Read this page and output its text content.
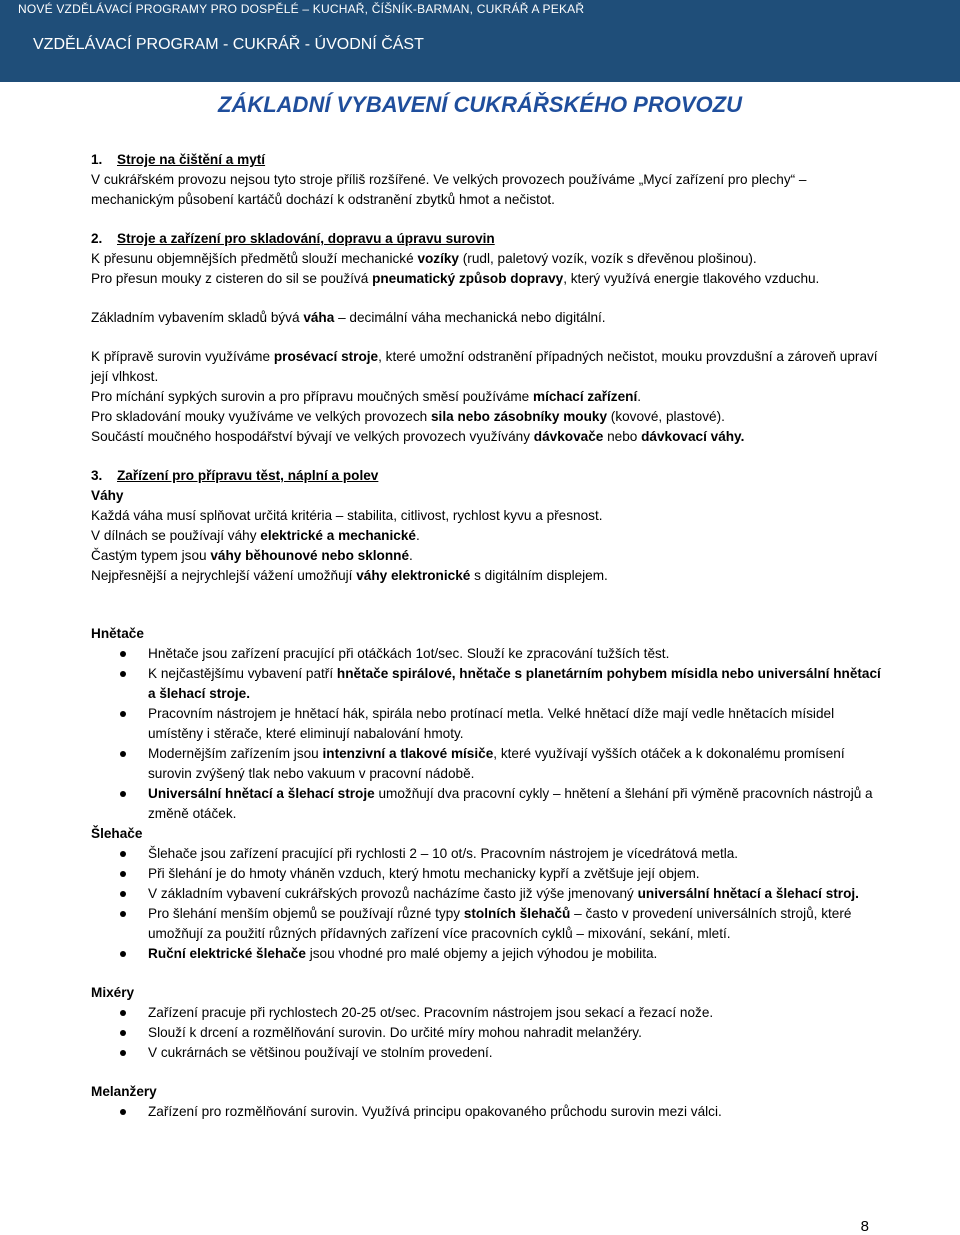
NOVÉ VZDĚLÁVACÍ PROGRAMY PRO DOSPĚLÉ – KUCHAŘ, ČÍŠNÍK-BARMAN, CUKRÁŘ A PEKAŘ
VZDĚLÁVACÍ PROGRAM - CUKRÁŘ - ÚVODNÍ ČÁST
ZÁKLADNÍ VYBAVENÍ CUKRÁŘSKÉHO PROVOZU

1. Stroje na čištění a mytí

V cukrářském provozu nejsou tyto stroje příliš rozšířené. Ve velkých provozech používáme „Mycí zařízení pro plechy“ – mechanickým působení kartáčů dochází k odstranění zbytků hmot a nečistot.

2. Stroje a zařízení pro skladování, dopravu a úpravu surovin

K přesunu objemnějších předmětů slouží mechanické vozíky (rudl, paletový vozík, vozík s dřevěnou plošinou).

Pro přesun mouky z cisteren do sil se používá pneumatický způsob dopravy, který využívá energie tlakového vzduchu.

Základním vybavením skladů bývá váha – decimální váha mechanická nebo digitální.

K přípravě surovin využíváme prosévací stroje, které umožní odstranění případných nečistot, mouku provzdušní a zároveň upraví její vlhkost.

Pro míchání sypkých surovin a pro přípravu moučných směsí používáme míchací zařízení.

Pro skladování mouky využíváme ve velkých provozech sila nebo zásobníky mouky (kovové, plastové).

Součástí moučného hospodářství bývají ve velkých provozech využívány dávkovače nebo dávkovací váhy.

3. Zařízení pro přípravu těst, náplní a polev

Váhy

Každá váha musí splňovat určitá kritéria – stabilita, citlivost, rychlost kyvu a přesnost.

V dílnách se používají váhy elektrické a mechanické.

Častým typem jsou váhy běhounové nebo sklonné.

Nejpřesnější a nejrychlejší vážení umožňují váhy elektronické s digitálním displejem.

Hnětače

Hnětače jsou zařízení pracující při otáčkách 1ot/sec. Slouží ke zpracování tužších těst.
K nejčastějšímu vybavení patří hnětače spirálové, hnětače s planetárním pohybem mísidla nebo universální hnětací a šlehací stroje.
Pracovním nástrojem je hnětací hák, spirála nebo protínací metla. Velké hnětací díže mají vedle hnětacích mísidel umístěny i stěrače, které eliminují nabalování hmoty.
Modernějším zařízením jsou intenzivní a tlakové mísiče, které využívají vyšších otáček a k dokonalému promísení surovin zvýšený tlak nebo vakuum v pracovní nádobě.
Universální hnětací a šlehací stroje umožňují dva pracovní cykly – hnětení a šlehání při výměně pracovních nástrojů a změně otáček.

Šlehače

Šlehače jsou zařízení pracující při rychlosti 2 – 10 ot/s. Pracovním nástrojem je vícedrátová metla.
Při šlehání je do hmoty vháněn vzduch, který hmotu mechanicky kypří a zvětšuje její objem.
V základním vybavení cukrářských provozů nacházíme často již výše jmenovaný universální hnětací a šlehací stroj.
Pro šlehání menším objemů se používají různé typy stolních šlehačů – často v provedení universálních strojů, které umožňují za použití různých přídavných zařízení více pracovních cyklů – mixování, sekání, mletí.
Ruční elektrické šlehače jsou vhodné pro malé objemy a jejich výhodou je mobilita.

Mixéry

Zařízení pracuje při rychlostech 20-25 ot/sec. Pracovním nástrojem jsou sekací a řezací nože.
Slouží k drcení a rozmělňování surovin. Do určité míry mohou nahradit melanžéry.
V cukrárnách se většinou používají ve stolním provedení.

Melanžery

Zařízení pro rozmělňování surovin. Využívá principu opakovaného průchodu surovin mezi válci.
8
